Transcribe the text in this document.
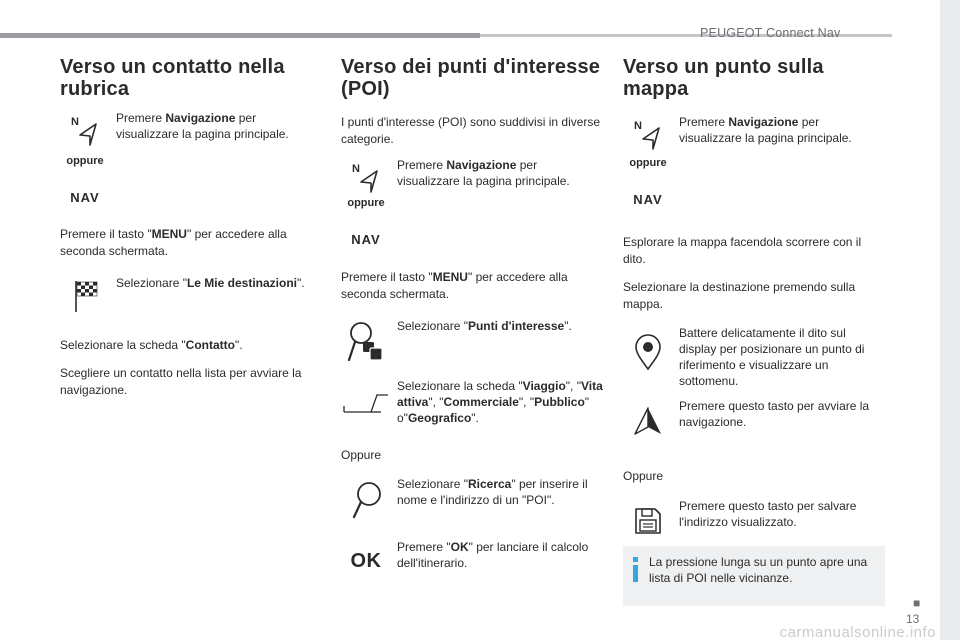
PEUGEOT Connect Nav
■
13
carmanualsonline.info
Verso un contatto nella rubrica
N
oppure
NAV
Premere Navigazione per visualizzare la pagina principale.

Premere il tasto "MENU" per accedere alla seconda schermata.

Selezionare "Le Mie destinazioni".

Selezionare la scheda "Contatto".

Scegliere un contatto nella lista per avviare la navigazione.

Verso dei punti d'interesse (POI)

I punti d'interesse (POI) sono suddivisi in diverse categorie.

N
oppure
NAV
Premere Navigazione per visualizzare la pagina principale.

Premere il tasto "MENU" per accedere alla seconda schermata.

Selezionare "Punti d'interesse".
Selezionare la scheda "Viaggio", "Vita attiva", "Commerciale", "Pubblico" o"Geografico".

Oppure

Selezionare "Ricerca" per inserire il nome e l'indirizzo di un "POI".
OK
Premere "OK" per lanciare il calcolo dell'itinerario.
Verso un punto sulla mappa
N
oppure
NAV
Premere Navigazione per visualizzare la pagina principale.

Esplorare la mappa facendola scorrere con il dito.

Selezionare la destinazione premendo sulla mappa.

Battere delicatamente il dito sul display per posizionare un punto di riferimento e visualizzare un sottomenu.
Premere questo tasto per avviare la navigazione.

Oppure

Premere questo tasto per salvare l'indirizzo visualizzato.
La pressione lunga su un punto apre una lista di POI nelle vicinanze.
